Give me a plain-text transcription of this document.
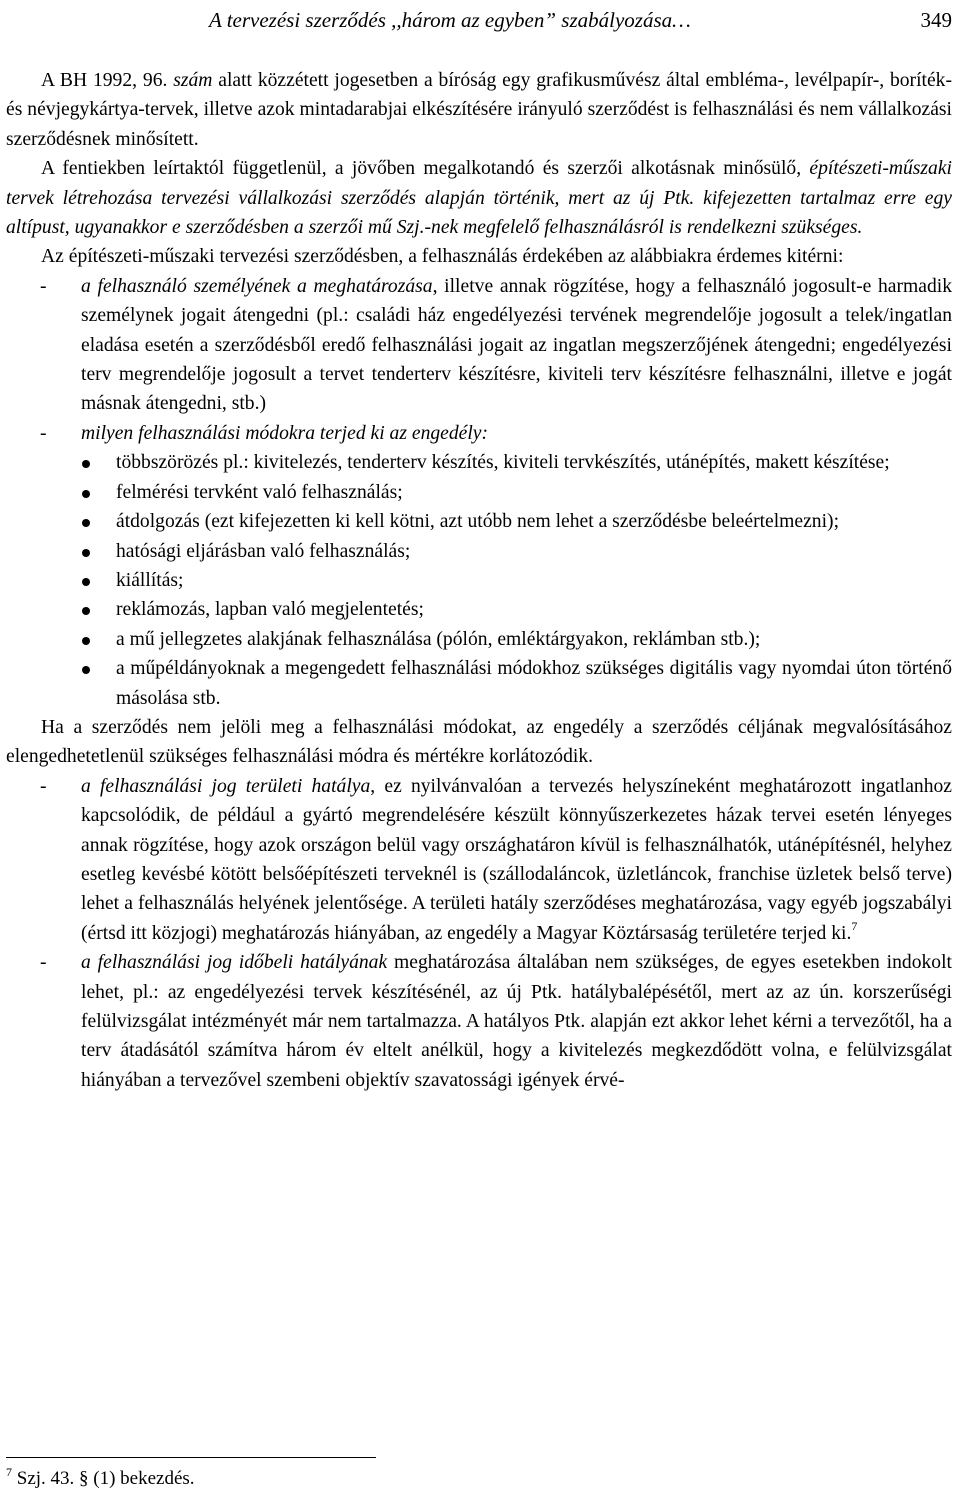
A tervezési szerződés ,,három az egyben” szabályozása…	349

A BH 1992, 96. szám alatt közzétett jogesetben a bíróság egy grafikusművész által embléma-, levélpapír-, boríték- és névjegykártya-tervek, illetve azok mintadarabjai elkészítésére irányuló szerződést is felhasználási és nem vállalkozási szerződésnek minősített.

A fentiekben leírtaktól függetlenül, a jövőben megalkotandó és szerzői alkotásnak minősülő, építészeti-műszaki tervek létrehozása tervezési vállalkozási szerződés alapján történik, mert az új Ptk. kifejezetten tartalmaz erre egy altípust, ugyanakkor e szerződésben a szerzői mű Szj.-nek megfelelő felhasználásról is rendelkezni szükséges.

Az építészeti-műszaki tervezési szerződésben, a felhasználás érdekében az alábbiakra érdemes kitérni:

- a felhasználó személyének a meghatározása, illetve annak rögzítése, hogy a felhasználó jogosult-e harmadik személynek jogait átengedni (pl.: családi ház engedélyezési tervének megrendelője jogosult a telek/ingatlan eladása esetén a szerződésből eredő felhasználási jogait az ingatlan megszerzőjének átengedni; engedélyezési terv megrendelője jogosult a tervet tenderterv készítésre, kiviteli terv készítésre felhasználni, illetve e jogát másnak átengedni, stb.)
- milyen felhasználási módokra terjed ki az engedély:
többszörözés pl.: kivitelezés, tenderterv készítés, kiviteli tervkészítés, utánépítés, makett készítése;
felmérési tervként való felhasználás;
átdolgozás (ezt kifejezetten ki kell kötni, azt utóbb nem lehet a szerződésbe beleértelmezni);
hatósági eljárásban való felhasználás;
kiállítás;
reklámozás, lapban való megjelentetés;
a mű jellegzetes alakjának felhasználása (pólón, emléktárgyakon, reklámban stb.);
a műpéldányoknak a megengedett felhasználási módokhoz szükséges digitális vagy nyomdai úton történő másolása stb.

Ha a szerződés nem jelöli meg a felhasználási módokat, az engedély a szerződés céljának megvalósításához elengedhetetlenül szükséges felhasználási módra és mértékre korlátozódik.

- a felhasználási jog területi hatálya, ez nyilvánvalóan a tervezés helyszíneként meghatározott ingatlanhoz kapcsolódik, de például a gyártó megrendelésére készült könnyűszerkezetes házak tervei esetén lényeges annak rögzítése, hogy azok országon belül vagy országhatáron kívül is felhasználhatók, utánépítésnél, helyhez esetleg kevésbé kötött belsőépítészeti terveknél is (szállodaláncok, üzletláncok, franchise üzletek belső terve) lehet a felhasználás helyének jelentősége. A területi hatály szerződéses meghatározása, vagy egyéb jogszabályi (értsd itt közjogi) meghatározás hiányában, az engedély a Magyar Köztársaság területére terjed ki.$^7$
- a felhasználási jog időbeli hatályának meghatározása általában nem szükséges, de egyes esetekben indokolt lehet, pl.: az engedélyezési tervek készítésénél, az új Ptk. hatálybalépésétől, mert az az ún. korszerűségi felülvizsgálat intézményét már nem tartalmazza. A hatályos Ptk. alapján ezt akkor lehet kérni a tervezőtől, ha a terv átadásától számítva három év eltelt anélkül, hogy a kivitelezés megkezdődött volna, e felülvizsgálat hiányában a tervezővel szembeni objektív szavatossági igények érvé-
$^7$ Szj. 43. § (1) bekezdés.
